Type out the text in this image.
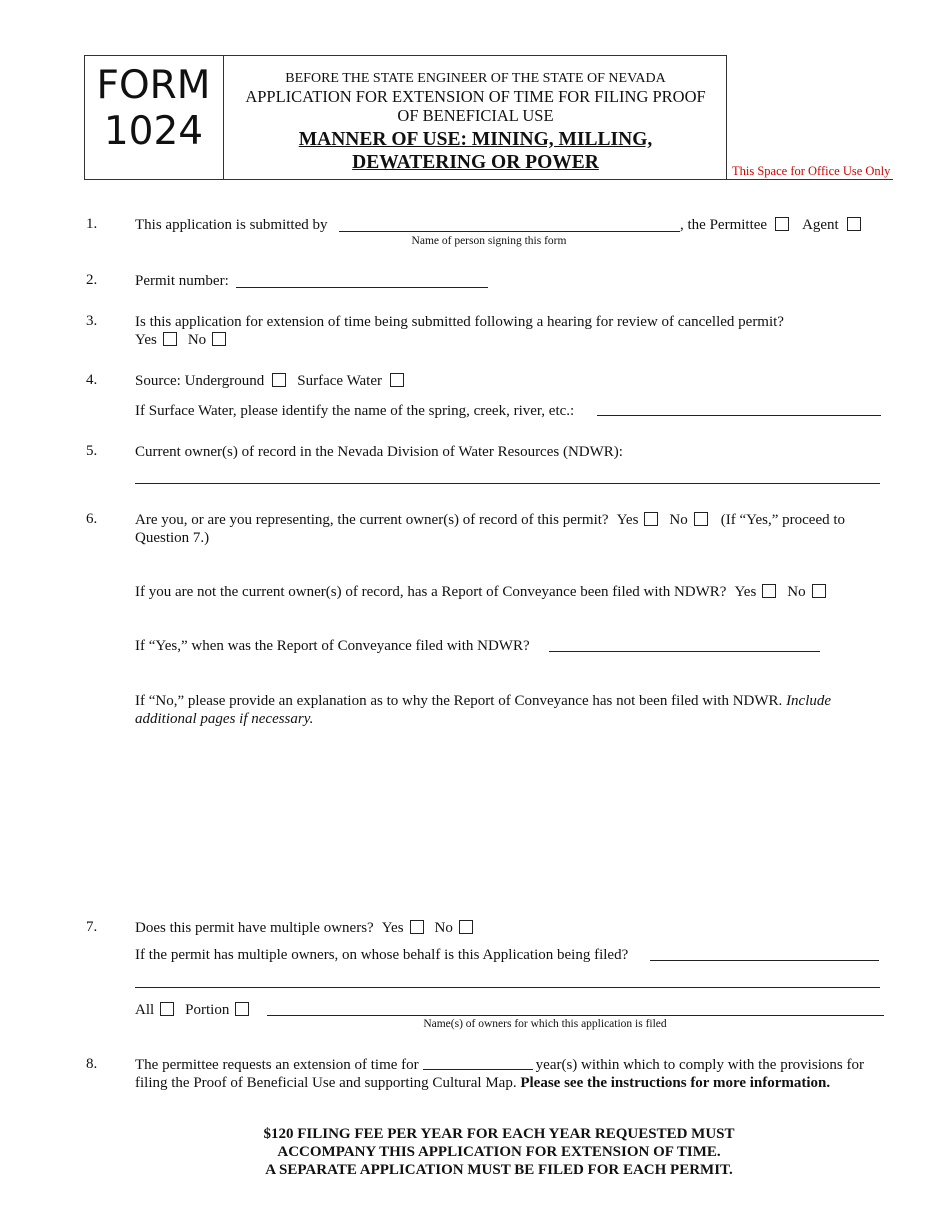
FORM
1024
BEFORE THE STATE ENGINEER OF THE STATE OF NEVADA
APPLICATION FOR EXTENSION OF TIME FOR FILING PROOF
OF BENEFICIAL USE
MANNER OF USE: MINING, MILLING,
DEWATERING OR POWER	This Space for Office Use Only
1.	This application is submitted by	, the Permittee Agent
Name of person signing this form
2.	Permit number:
3.	Is this application for extension of time being submitted following a hearing for review of cancelled permit?
Yes No
4.	Source: Underground Surface Water
If Surface Water, please identify the name of the spring, creek, river, etc.:
5.	Current owner(s) of record in the Nevada Division of Water Resources (NDWR):
6.	Are you, or are you representing, the current owner(s) of record of this permit? Yes No (If “Yes,” proceed to
Question 7.)
If you are not the current owner(s) of record, has a Report of Conveyance been filed with NDWR? Yes No
If “Yes,” when was the Report of Conveyance filed with NDWR?
If “No,” please provide an explanation as to why the Report of Conveyance has not been filed with NDWR. Include
additional pages if necessary.
7.	Does this permit have multiple owners? Yes No
If the permit has multiple owners, on whose behalf is this Application being filed?
All Portion
Name(s) of owners for which this application is filed
8.	The permittee requests an extension of time for	year(s) within which to comply with the provisions for
filing the Proof of Beneficial Use and supporting Cultural Map. Please see the instructions for more information.
$120 FILING FEE PER YEAR FOR EACH YEAR REQUESTED MUST
ACCOMPANY THIS APPLICATION FOR EXTENSION OF TIME.
A SEPARATE APPLICATION MUST BE FILED FOR EACH PERMIT.
